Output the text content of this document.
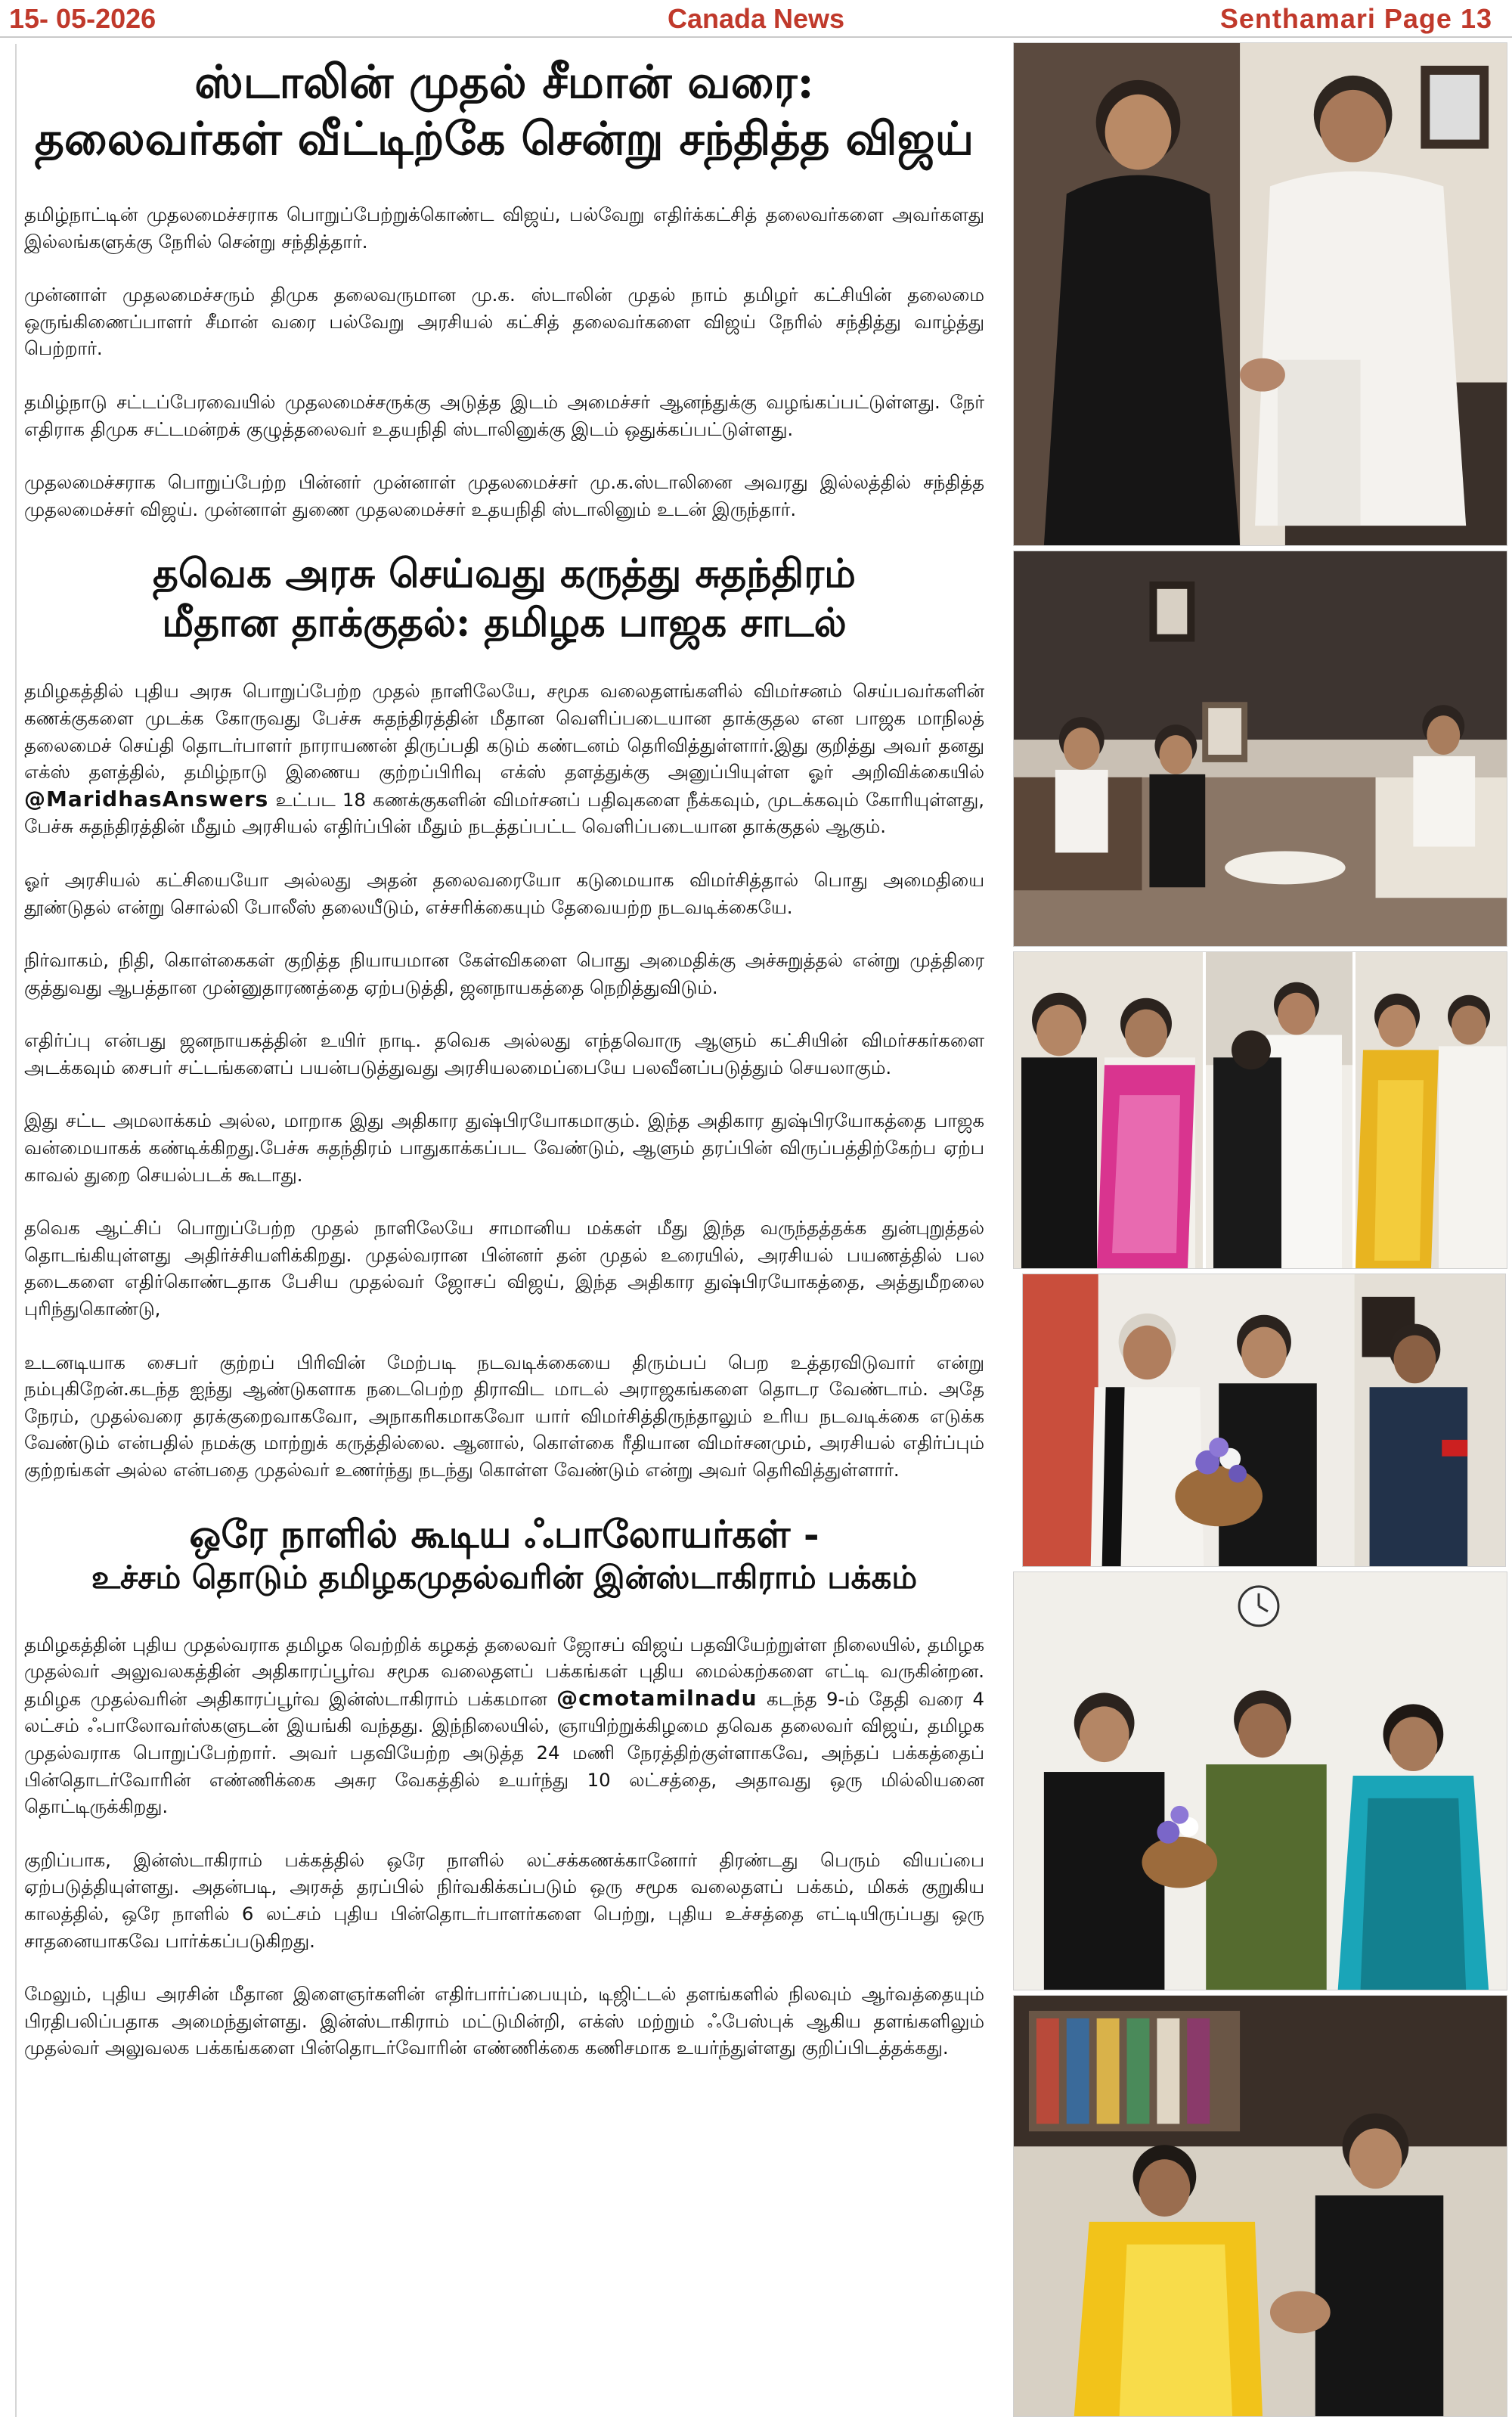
Canada News
15- 05-2026	Senthamari Page 13
ஸ்டாலின் முதல் சீமான் வரை:
தலைவர்கள் வீட்டிற்கே சென்று சந்தித்த விஜய்

தமிழ்நாட்டின் முதலமைச்சராக பொறுப்பேற்றுக்கொண்ட விஜய், பல்வேறு எதிர்க்கட்சித் தலைவர்களை அவர்களது இல்லங்களுக்கு நேரில் சென்று சந்தித்தார்.

முன்னாள் முதலமைச்சரும் திமுக தலைவருமான மு.க. ஸ்டாலின் முதல் நாம் தமிழர் கட்சியின் தலைமை ஒருங்கிணைப்பாளர் சீமான் வரை பல்வேறு அரசியல் கட்சித் தலைவர்களை விஜய் நேரில் சந்தித்து வாழ்த்து பெற்றார்.

தமிழ்நாடு சட்டப்பேரவையில் முதலமைச்சருக்கு அடுத்த இடம் அமைச்சர் ஆனந்துக்கு வழங்கப்பட்டுள்ளது. நேர் எதிராக திமுக சட்டமன்றக் குழுத்தலைவர் உதயநிதி ஸ்டாலினுக்கு இடம் ஒதுக்கப்பட்டுள்ளது.

முதலமைச்சராக பொறுப்பேற்ற பின்னர் முன்னாள் முதலமைச்சர் மு.க.ஸ்டாலினை அவரது இல்லத்தில் சந்தித்த முதலமைச்சர் விஜய். முன்னாள் துணை முதலமைச்சர் உதயநிதி ஸ்டாலினும் உடன் இருந்தார்.

தவெக அரசு செய்வது கருத்து சுதந்திரம்
மீதான தாக்குதல்: தமிழக பாஜக சாடல்

தமிழகத்தில் புதிய அரசு பொறுப்பேற்ற முதல் நாளிலேயே, சமூக வலைதளங்களில் விமர்சனம் செய்பவர்களின் கணக்குகளை முடக்க கோருவது பேச்சு சுதந்திரத்தின் மீதான வெளிப்படையான தாக்குதல என பாஜக மாநிலத் தலைமைச் செய்தி தொடர்பாளர் நாராயணன் திருப்பதி கடும் கண்டனம் தெரிவித்துள்ளார்.இது குறித்து அவர் தனது எக்ஸ் தளத்தில், தமிழ்நாடு இணைய குற்றப்பிரிவு எக்ஸ் தளத்துக்கு அனுப்பியுள்ள ஓர் அறிவிக்கையில் @MaridhasAnswers உட்பட 18 கணக்குகளின் விமர்சனப் பதிவுகளை நீக்கவும், முடக்கவும் கோரியுள்ளது, பேச்சு சுதந்திரத்தின் மீதும் அரசியல் எதிர்ப்பின் மீதும் நடத்தப்பட்ட வெளிப்படையான தாக்குதல் ஆகும்.

ஓர் அரசியல் கட்சியையோ அல்லது அதன் தலைவரையோ கடுமையாக விமர்சித்தால் பொது அமைதியை தூண்டுதல் என்று சொல்லி போலீஸ் தலையீடும், எச்சரிக்கையும் தேவையற்ற நடவடிக்கையே.

நிர்வாகம், நிதி, கொள்கைகள் குறித்த நியாயமான கேள்விகளை பொது அமைதிக்கு அச்சுறுத்தல் என்று முத்திரை குத்துவது ஆபத்தான முன்னுதாரணத்தை ஏற்படுத்தி, ஜனநாயகத்தை நெறித்துவிடும்.

எதிர்ப்பு என்பது ஜனநாயகத்தின் உயிர் நாடி. தவெக அல்லது எந்தவொரு ஆளும் கட்சியின் விமர்சகர்களை அடக்கவும் சைபர் சட்டங்களைப் பயன்படுத்துவது அரசியலமைப்பையே பலவீனப்படுத்தும் செயலாகும்.

இது சட்ட அமலாக்கம் அல்ல, மாறாக இது அதிகார துஷ்பிரயோகமாகும். இந்த அதிகார துஷ்பிரயோகத்தை பாஜக வன்மையாகக் கண்டிக்கிறது.பேச்சு சுதந்திரம் பாதுகாக்கப்பட வேண்டும், ஆளும் தரப்பின் விருப்பத்திற்கேற்ப ஏற்ப காவல் துறை செயல்படக் கூடாது.

தவெக ஆட்சிப் பொறுப்பேற்ற முதல் நாளிலேயே சாமானிய மக்கள் மீது இந்த வருந்தத்தக்க துன்புறுத்தல் தொடங்கியுள்ளது அதிர்ச்சியளிக்கிறது. முதல்வரான பின்னர் தன் முதல் உரையில், அரசியல் பயணத்தில் பல தடைகளை எதிர்கொண்டதாக பேசிய முதல்வர் ஜோசப் விஜய், இந்த அதிகார துஷ்பிரயோகத்தை, அத்துமீறலை புரிந்துகொண்டு,

உடனடியாக சைபர் குற்றப் பிரிவின் மேற்படி நடவடிக்கையை திரும்பப் பெற உத்தரவிடுவார் என்று நம்புகிறேன்.கடந்த ஐந்து ஆண்டுகளாக நடைபெற்ற திராவிட மாடல் அராஜகங்களை தொடர வேண்டாம். அதே நேரம், முதல்வரை தரக்குறைவாகவோ, அநாகரிகமாகவோ யார் விமர்சித்திருந்தாலும் உரிய நடவடிக்கை எடுக்க வேண்டும் என்பதில் நமக்கு மாற்றுக் கருத்தில்லை. ஆனால், கொள்கை ரீதியான விமர்சனமும், அரசியல் எதிர்ப்பும் குற்றங்கள் அல்ல என்பதை முதல்வர் உணர்ந்து நடந்து கொள்ள வேண்டும் என்று அவர் தெரிவித்துள்ளார்.

ஒரே நாளில் கூடிய ஃபாலோயர்கள் -
உச்சம் தொடும் தமிழகமுதல்வரின் இன்ஸ்டாகிராம் பக்கம்

தமிழகத்தின் புதிய முதல்வராக தமிழக வெற்றிக் கழகத் தலைவர் ஜோசப் விஜய் பதவியேற்றுள்ள நிலையில், தமிழக முதல்வர் அலுவலகத்தின் அதிகாரப்பூர்வ சமூக வலைதளப் பக்கங்கள் புதிய மைல்கற்களை எட்டி வருகின்றன. தமிழக முதல்வரின் அதிகாரப்பூர்வ இன்ஸ்டாகிராம் பக்கமான @cmotamilnadu கடந்த 9-ம் தேதி வரை 4 லட்சம் ஃபாலோவர்ஸ்களுடன் இயங்கி வந்தது. இந்நிலையில், ஞாயிற்றுக்கிழமை தவெக தலைவர் விஜய், தமிழக முதல்வராக பொறுப்பேற்றார். அவர் பதவியேற்ற அடுத்த 24 மணி நேரத்திற்குள்ளாகவே, அந்தப் பக்கத்தைப் பின்தொடர்வோரின் எண்ணிக்கை அசுர வேகத்தில் உயர்ந்து 10 லட்சத்தை, அதாவது ஒரு மில்லியனை தொட்டிருக்கிறது.

குறிப்பாக, இன்ஸ்டாகிராம் பக்கத்தில் ஒரே நாளில் லட்சக்கணக்கானோர் திரண்டது பெரும் வியப்பை ஏற்படுத்தியுள்ளது. அதன்படி, அரசுத் தரப்பில் நிர்வகிக்கப்படும் ஒரு சமூக வலைதளப் பக்கம், மிகக் குறுகிய காலத்தில், ஒரே நாளில் 6 லட்சம் புதிய பின்தொடர்பாளர்களை பெற்று, புதிய உச்சத்தை எட்டியிருப்பது ஒரு சாதனையாகவே பார்க்கப்படுகிறது.

மேலும், புதிய அரசின் மீதான இளைஞர்களின் எதிர்பார்ப்பையும், டிஜிட்டல் தளங்களில் நிலவும் ஆர்வத்தையும் பிரதிபலிப்பதாக அமைந்துள்ளது. இன்ஸ்டாகிராம் மட்டுமின்றி, எக்ஸ் மற்றும் ஃபேஸ்புக் ஆகிய தளங்களிலும் முதல்வர் அலுவலக பக்கங்களை பின்தொடர்வோரின் எண்ணிக்கை கணிசமாக உயர்ந்துள்ளது குறிப்பிடத்தக்கது.
